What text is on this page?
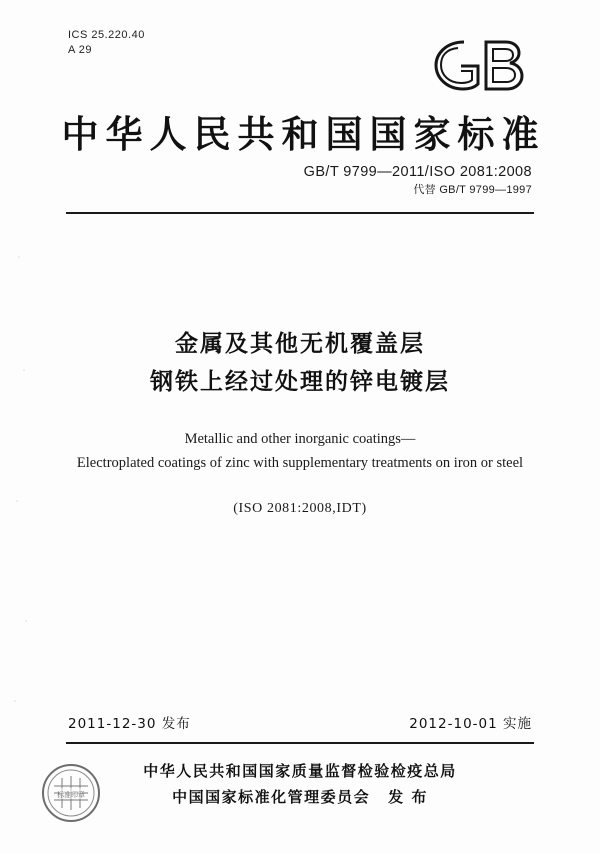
ICS 25.220.40
A 29
中华人民共和国国家标准
GB/T 9799—2011/ISO 2081:2008
代替 GB/T 9799—1997
金属及其他无机覆盖层
钢铁上经过处理的锌电镀层
Metallic and other inorganic coatings—
Electroplated coatings of zinc with supplementary treatments on iron or steel
(ISO 2081:2008,IDT)
2011-12-30 发布	2012-10-01 实施
标准印章
中华人民共和国国家质量监督检验检疫总局
中国国家标准化管理委员会 发 布
